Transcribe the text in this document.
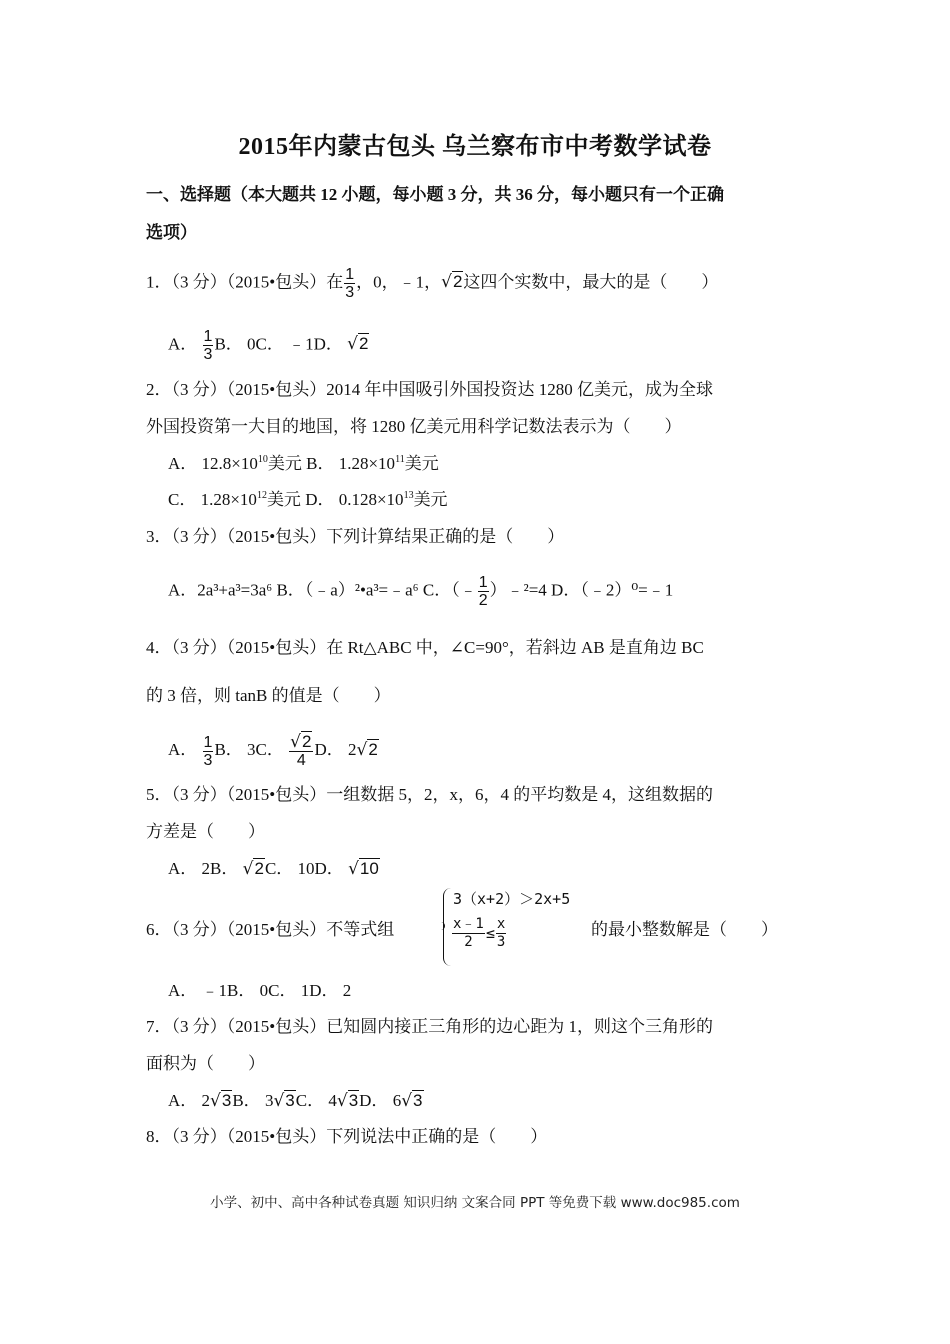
2015年内蒙古包头 乌兰察布市中考数学试卷
一、选择题（本大题共 12 小题，每小题 3 分，共 36 分，每小题只有一个正确
选项）
1．（3 分）（2015•包头）在 $\frac{1}{3}$ ，0，﹣1，√2这四个实数中，最大的是（　　）
A． $\frac{1}{3}$ B． 0C． ﹣1D． √2
2．（3 分）（2015•包头）2014 年中国吸引外国投资达 1280 亿美元，成为全球
外国投资第一大目的地国，将 1280 亿美元用科学记数法表示为（　　）
A． $12.8\times 10^{10}$美元 B． $1.28\times 10^{11}$美元
C． $1.28\times 10^{12}$美元 D． $0.128\times 10^{13}$美元
3．（3 分）（2015•包头）下列计算结果正确的是（　　）
A．2a³+a³=3a⁶ B．（﹣a）²•a³=﹣a⁶ C．（﹣ $\frac{1}{2}$ ）﹣²=4 D．（﹣2）⁰=﹣1
4．（3 分）（2015•包头）在 Rt△ABC 中，∠C=90°，若斜边 AB 是直角边 BC
的 3 倍，则 tanB 的值是（　　）
A． $\frac{1}{3}$ B． 3C． $\frac{√2}{4}$ D． 2√2
5．（3 分）（2015•包头）一组数据 5，2，x，6，4 的平均数是 4，这组数据的
方差是（　　）
A． 2B． √2C． 10D． √10
6．（3 分）（2015•包头）不等式组
3（x+2）＞2x+5
$\frac{x﹣1}{2} \le \frac{x}{3}$	的最小整数解是（　　）
A． ﹣1B． 0C． 1D． 2
7．（3 分）（2015•包头）已知圆内接正三角形的边心距为 1，则这个三角形的
面积为（　　）
A． 2√3B． 3√3C． 4√3D． 6√3
8．（3 分）（2015•包头）下列说法中正确的是（　　）
小学、初中、高中各种试卷真题 知识归纳 文案合同 PPT 等免费下载 www.doc985.com
